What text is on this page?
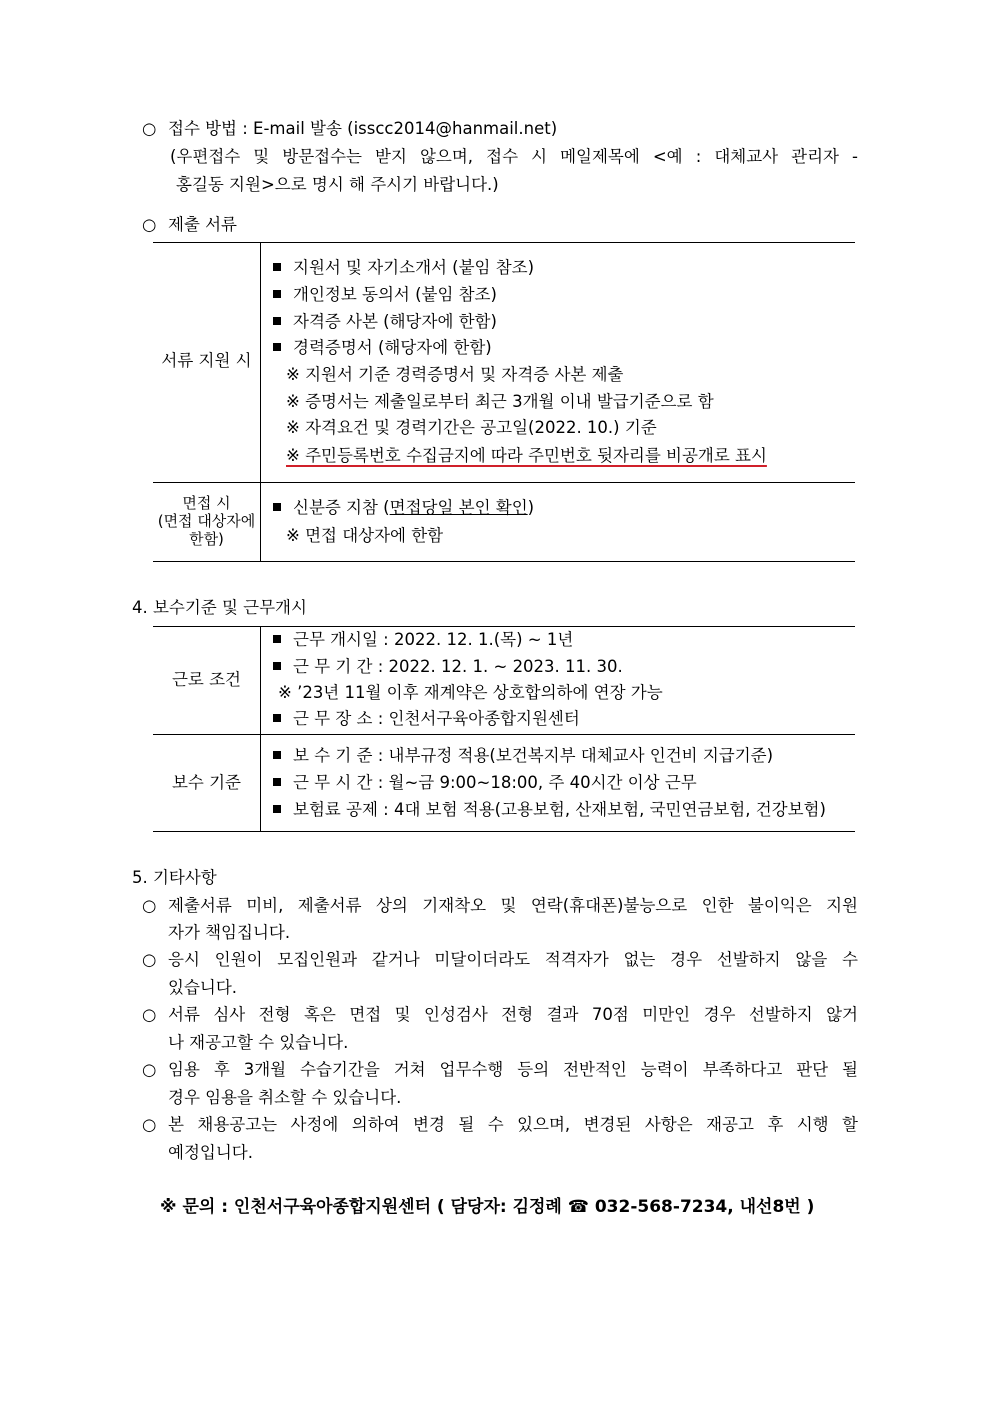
○ 접수 방법 : E-mail 발송 (isscc2014@hanmail.net)
(우편접수 및 방문접수는 받지 않으며, 접수 시 메일제목에 <예 : 대체교사 관리자 -
홍길동 지원>으로 명시 해 주시기 바랍니다.)
○ 제출 서류
서류 지원 시
지원서 및 자기소개서 (붙임 참조)
개인정보 동의서 (붙임 참조)
자격증 사본 (해당자에 한함)
경력증명서 (해당자에 한함)
※ 지원서 기준 경력증명서 및 자격증 사본 제출
※ 증명서는 제출일로부터 최근 3개월 이내 발급기준으로 함
※ 자격요건 및 경력기간은 공고일(2022. 10.) 기준
※ 주민등록번호 수집금지에 따라 주민번호 뒷자리를 비공개로 표시
면접 시
(면접 대상자에
한함)
신분증 지참 (면접당일 본인 확인)
※ 면접 대상자에 한함
4. 보수기준 및 근무개시
근로 조건
근무 개시일 : 2022. 12. 1.(목) ~ 1년
근 무 기 간 : 2022. 12. 1. ~ 2023. 11. 30.
※ ’23년 11월 이후 재계약은 상호합의하에 연장 가능
근 무 장 소 : 인천서구육아종합지원센터
보수 기준
보 수 기 준 : 내부규정 적용(보건복지부 대체교사 인건비 지급기준)
근 무 시 간 : 월~금 9:00~18:00, 주 40시간 이상 근무
보험료 공제 : 4대 보험 적용(고용보험, 산재보험, 국민연금보험, 건강보험)
5. 기타사항
○ 제출서류 미비, 제출서류 상의 기재착오 및 연락(휴대폰)불능으로 인한 불이익은 지원
자가 책임집니다.
○ 응시 인원이 모집인원과 같거나 미달이더라도 적격자가 없는 경우 선발하지 않을 수
있습니다.
○ 서류 심사 전형 혹은 면접 및 인성검사 전형 결과 70점 미만인 경우 선발하지 않거
나 재공고할 수 있습니다.
○ 임용 후 3개월 수습기간을 거쳐 업무수행 등의 전반적인 능력이 부족하다고 판단 될
경우 임용을 취소할 수 있습니다.
○ 본 채용공고는 사정에 의하여 변경 될 수 있으며, 변경된 사항은 재공고 후 시행 할
예정입니다.
※ 문의 : 인천서구육아종합지원센터 ( 담당자: 김정례 ☎ 032-568-7234, 내선8번 )
